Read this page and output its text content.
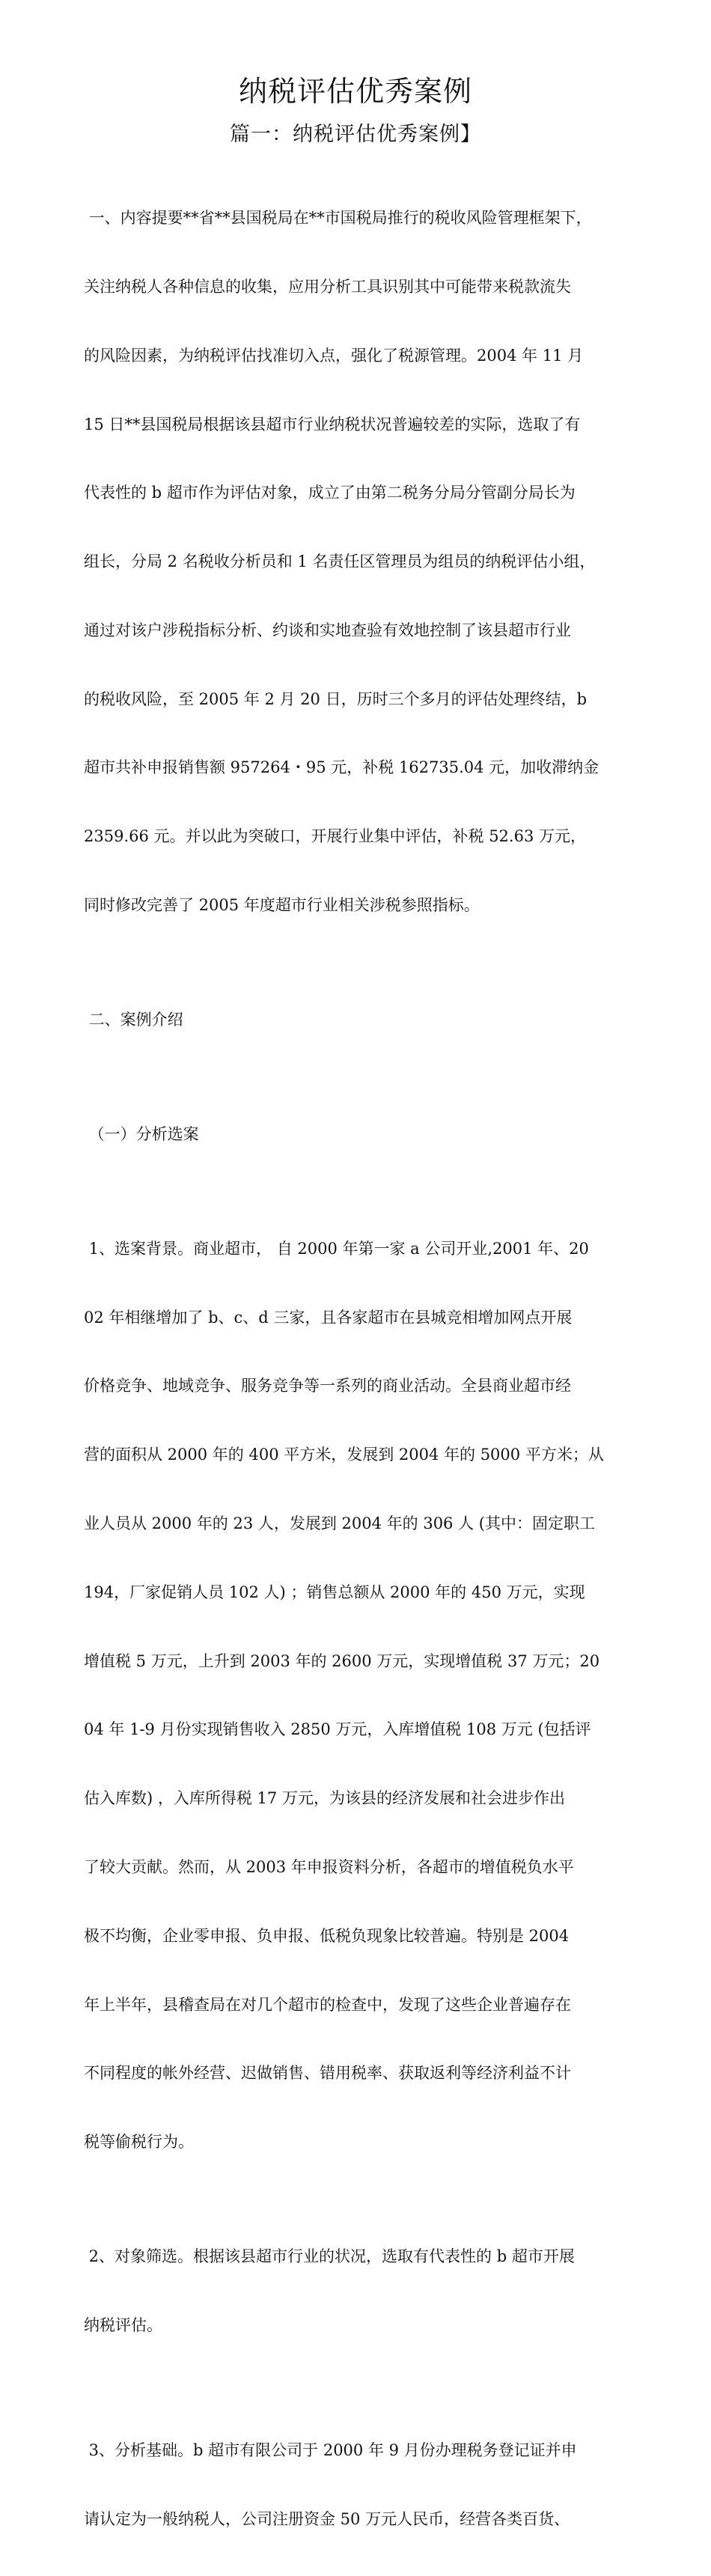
纳税评估优秀案例
篇一：纳税评估优秀案例】

一、内容提要**省**县国税局在**市国税局推行的税收风险管理框架下，

关注纳税人各种信息的收集，应用分析工具识别其中可能带来税款流失

的风险因素，为纳税评估找准切入点，强化了税源管理。2004 年 11 月

15 日**县国税局根据该县超市行业纳税状况普遍较差的实际，选取了有

代表性的 b 超市作为评估对象，成立了由第二税务分局分管副分局长为

组长，分局 2 名税收分析员和 1 名责任区管理员为组员的纳税评估小组，

通过对该户涉税指标分析、约谈和实地查验有效地控制了该县超市行业

的税收风险，至 2005 年 2 月 20 日，历时三个多月的评估处理终结，b

超市共补申报销售额 957264・95 元，补税 162735.04 元，加收滞纳金

2359.66 元。并以此为突破口，开展行业集中评估，补税 52.63 万元，

同时修改完善了 2005 年度超市行业相关涉税参照指标。

二、案例介绍

（一）分析选案

1、选案背景。商业超市， 自 2000 年第一家 a 公司开业,2001 年、20

02 年相继增加了 b、c、d 三家，且各家超市在县城竞相增加网点开展

价格竞争、地域竞争、服务竞争等一系列的商业活动。全县商业超市经

营的面积从 2000 年的 400 平方米，发展到 2004 年的 5000 平方米；从

业人员从 2000 年的 23 人，发展到 2004 年的 306 人 (其中：固定职工

194，厂家促销人员 102 人) ；销售总额从 2000 年的 450 万元，实现

增值税 5 万元，上升到 2003 年的 2600 万元，实现增值税 37 万元；20

04 年 1-9 月份实现销售收入 2850 万元，入库增值税 108 万元 (包括评

估入库数) ，入库所得税 17 万元，为该县的经济发展和社会进步作出

了较大贡献。然而，从 2003 年申报资料分析，各超市的增值税负水平

极不均衡，企业零申报、负申报、低税负现象比较普遍。特别是 2004

年上半年，县稽查局在对几个超市的检查中，发现了这些企业普遍存在

不同程度的帐外经营、迟做销售、错用税率、获取返利等经济利益不计

税等偷税行为。

2、对象筛选。根据该县超市行业的状况，选取有代表性的 b 超市开展

纳税评估。

3、分析基础。b 超市有限公司于 2000 年 9 月份办理税务登记证并申

请认定为一般纳税人，公司注册资金 50 万元人民币，经营各类百货、
